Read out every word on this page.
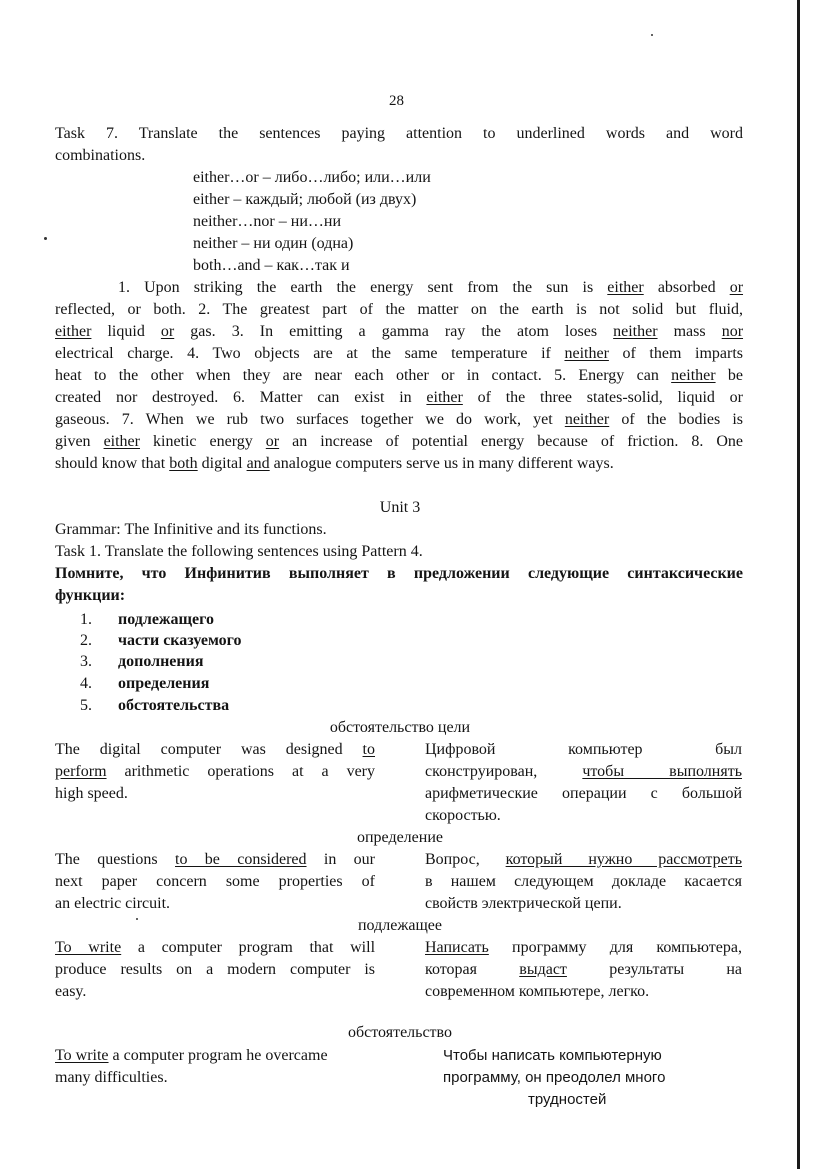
28
Task 7. Translate the sentences paying attention to underlined words and word
combinations.
either…or – либо…либо; или…или
either – каждый; любой (из двух)
neither…nor – ни…ни
neither – ни один (одна)
both…and – как…так и
1. Upon striking the earth the energy sent from the sun is either absorbed or
reflected, or both. 2. The greatest part of the matter on the earth is not solid but fluid,
either liquid or gas. 3. In emitting a gamma ray the atom loses neither mass nor
electrical charge. 4. Two objects are at the same temperature if neither of them imparts
heat to the other when they are near each other or in contact. 5. Energy can neither be
created nor destroyed. 6. Matter can exist in either of the three states-solid, liquid or
gaseous. 7. When we rub two surfaces together we do work, yet neither of the bodies is
given either kinetic energy or an increase of potential energy because of friction. 8. One
should know that both digital and analogue computers serve us in many different ways.
Unit 3
Grammar: The Infinitive and its functions.
Task 1. Translate the following sentences using Pattern 4.
Помните, что Инфинитив выполняет в предложении следующие синтаксические
функции:
1. подлежащего
2. части сказуемого
3. дополнения
4. определения
5. обстоятельства
обстоятельство цели
The digital computer was designed to
perform arithmetic operations at a very
high speed.
Цифровой компьютер был
сконструирован, чтобы выполнять
арифметические операции с большой
скоростью.
определение
The questions to be considered in our
next paper concern some properties of
an electric circuit.
Вопрос, который нужно рассмотреть
в нашем следующем докладе касается
свойств электрической цепи.
подлежащее
To write a computer program that will
produce results on a modern computer is
easy.
Написать программу для компьютера,
которая выдаст результаты на
современном компьютере, легко.
обстоятельство
To write a computer program he overcame
many difficulties.
Чтобы написать компьютерную
программу, он преодолел много
трудностей
